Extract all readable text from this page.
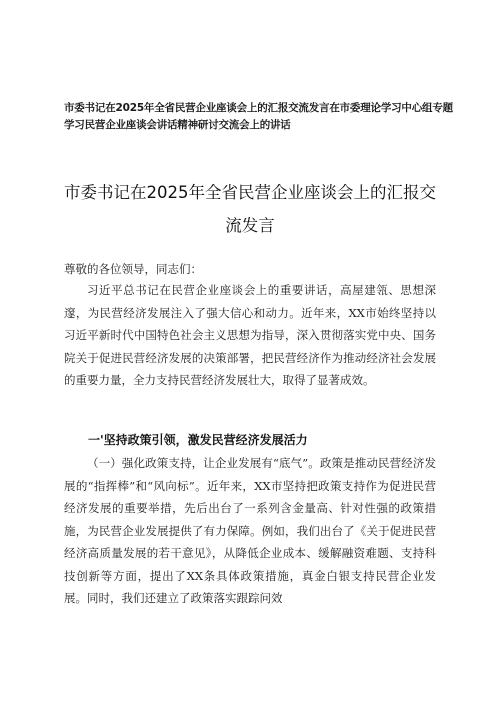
市委书记在2025年全省民营企业座谈会上的汇报交流发言在市委理论学习中心组专题学习民营企业座谈会讲话精神研讨交流会上的讲话
市委书记在2025年全省民营企业座谈会上的汇报交流发言
尊敬的各位领导，同志们：

习近平总书记在民营企业座谈会上的重要讲话，高屋建瓴、思想深邃，为民营经济发展注入了强大信心和动力。近年来，XX市始终坚持以习近平新时代中国特色社会主义思想为指导，深入贯彻落实党中央、国务院关于促进民营经济发展的决策部署，把民营经济作为推动经济社会发展的重要力量，全力支持民营经济发展壮大，取得了显著成效。

一'坚持政策引领，激发民营经济发展活力

（一）强化政策支持，让企业发展有“底气”。政策是推动民营经济发展的“指挥棒”和“风向标”。近年来，XX市坚持把政策支持作为促进民营经济发展的重要举措，先后出台了一系列含金量高、针对性强的政策措施，为民营企业发展提供了有力保障。例如，我们出台了《关于促进民营经济高质量发展的若干意见》，从降低企业成本、缓解融资难题、支持科技创新等方面，提出了XX条具体政策措施，真金白银支持民营企业发展。同时，我们还建立了政策落实跟踪问效
